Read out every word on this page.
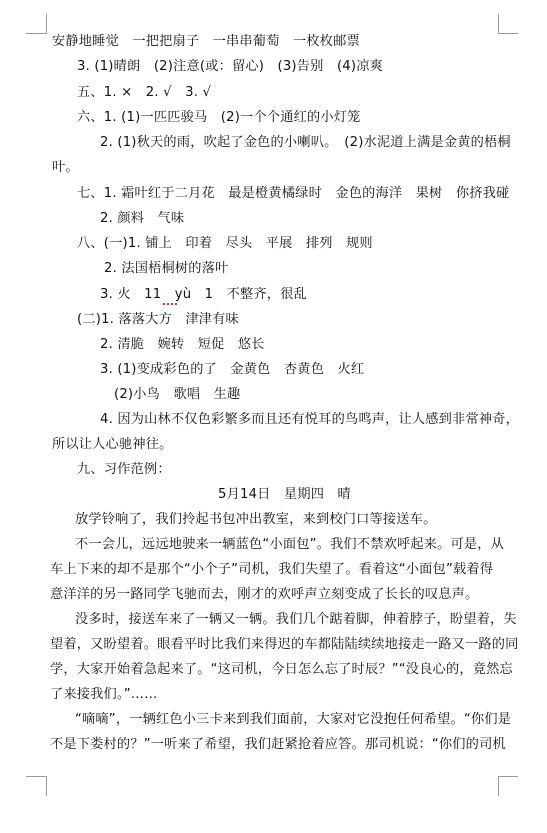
安静地睡觉　一把把扇子　一串串葡萄　一枚枚邮票
3. (1)晴朗　(2)注意(或：留心)　(3)告别　(4)凉爽
五、1. ×　2. √　3. √
六、1. (1)一匹匹骏马　(2)一个个通红的小灯笼
2. (1)秋天的雨，吹起了金色的小喇叭。　(2)水泥道上满是金黄的梧桐
叶。
七、1. 霜叶红于二月花　最是橙黄橘绿时　金色的海洋　果树　你挤我碰
2. 颜料　气味
八、(一)1. 铺上　印着　尽头　平展　排列　规则
2. 法国梧桐树的落叶
3. 火　11　yù　1　不整齐，很乱
(二)1. 落落大方　津津有味
2. 清脆　婉转　短促　悠长
3. (1)变成彩色的了　金黄色　杏黄色　火红
(2)小鸟　歌唱　生趣
4. 因为山林不仅色彩繁多而且还有悦耳的鸟鸣声，让人感到非常神奇，
所以让人心驰神往。
九、习作范例：
5月14日　星期四　晴
放学铃响了，我们拎起书包冲出教室，来到校门口等接送车。
不一会儿，远远地驶来一辆蓝色“小面包”。我们不禁欢呼起来。可是，从
车上下来的却不是那个“小个子”司机，我们失望了。看着这“小面包”载着得
意洋洋的另一路同学飞驰而去，刚才的欢呼声立刻变成了长长的叹息声。
没多时，接送车来了一辆又一辆。我们几个踮着脚，伸着脖子，盼望着，失
望着，又盼望着。眼看平时比我们来得迟的车都陆陆续续地接走一路又一路的同
学，大家开始着急起来了。“这司机，今日怎么忘了时辰？”“没良心的，竟然忘
了来接我们。”……
“嘀嘀”，一辆红色小三卡来到我们面前，大家对它没抱任何希望。“你们是
不是下娄村的？”一听来了希望，我们赶紧抢着应答。那司机说：“你们的司机
